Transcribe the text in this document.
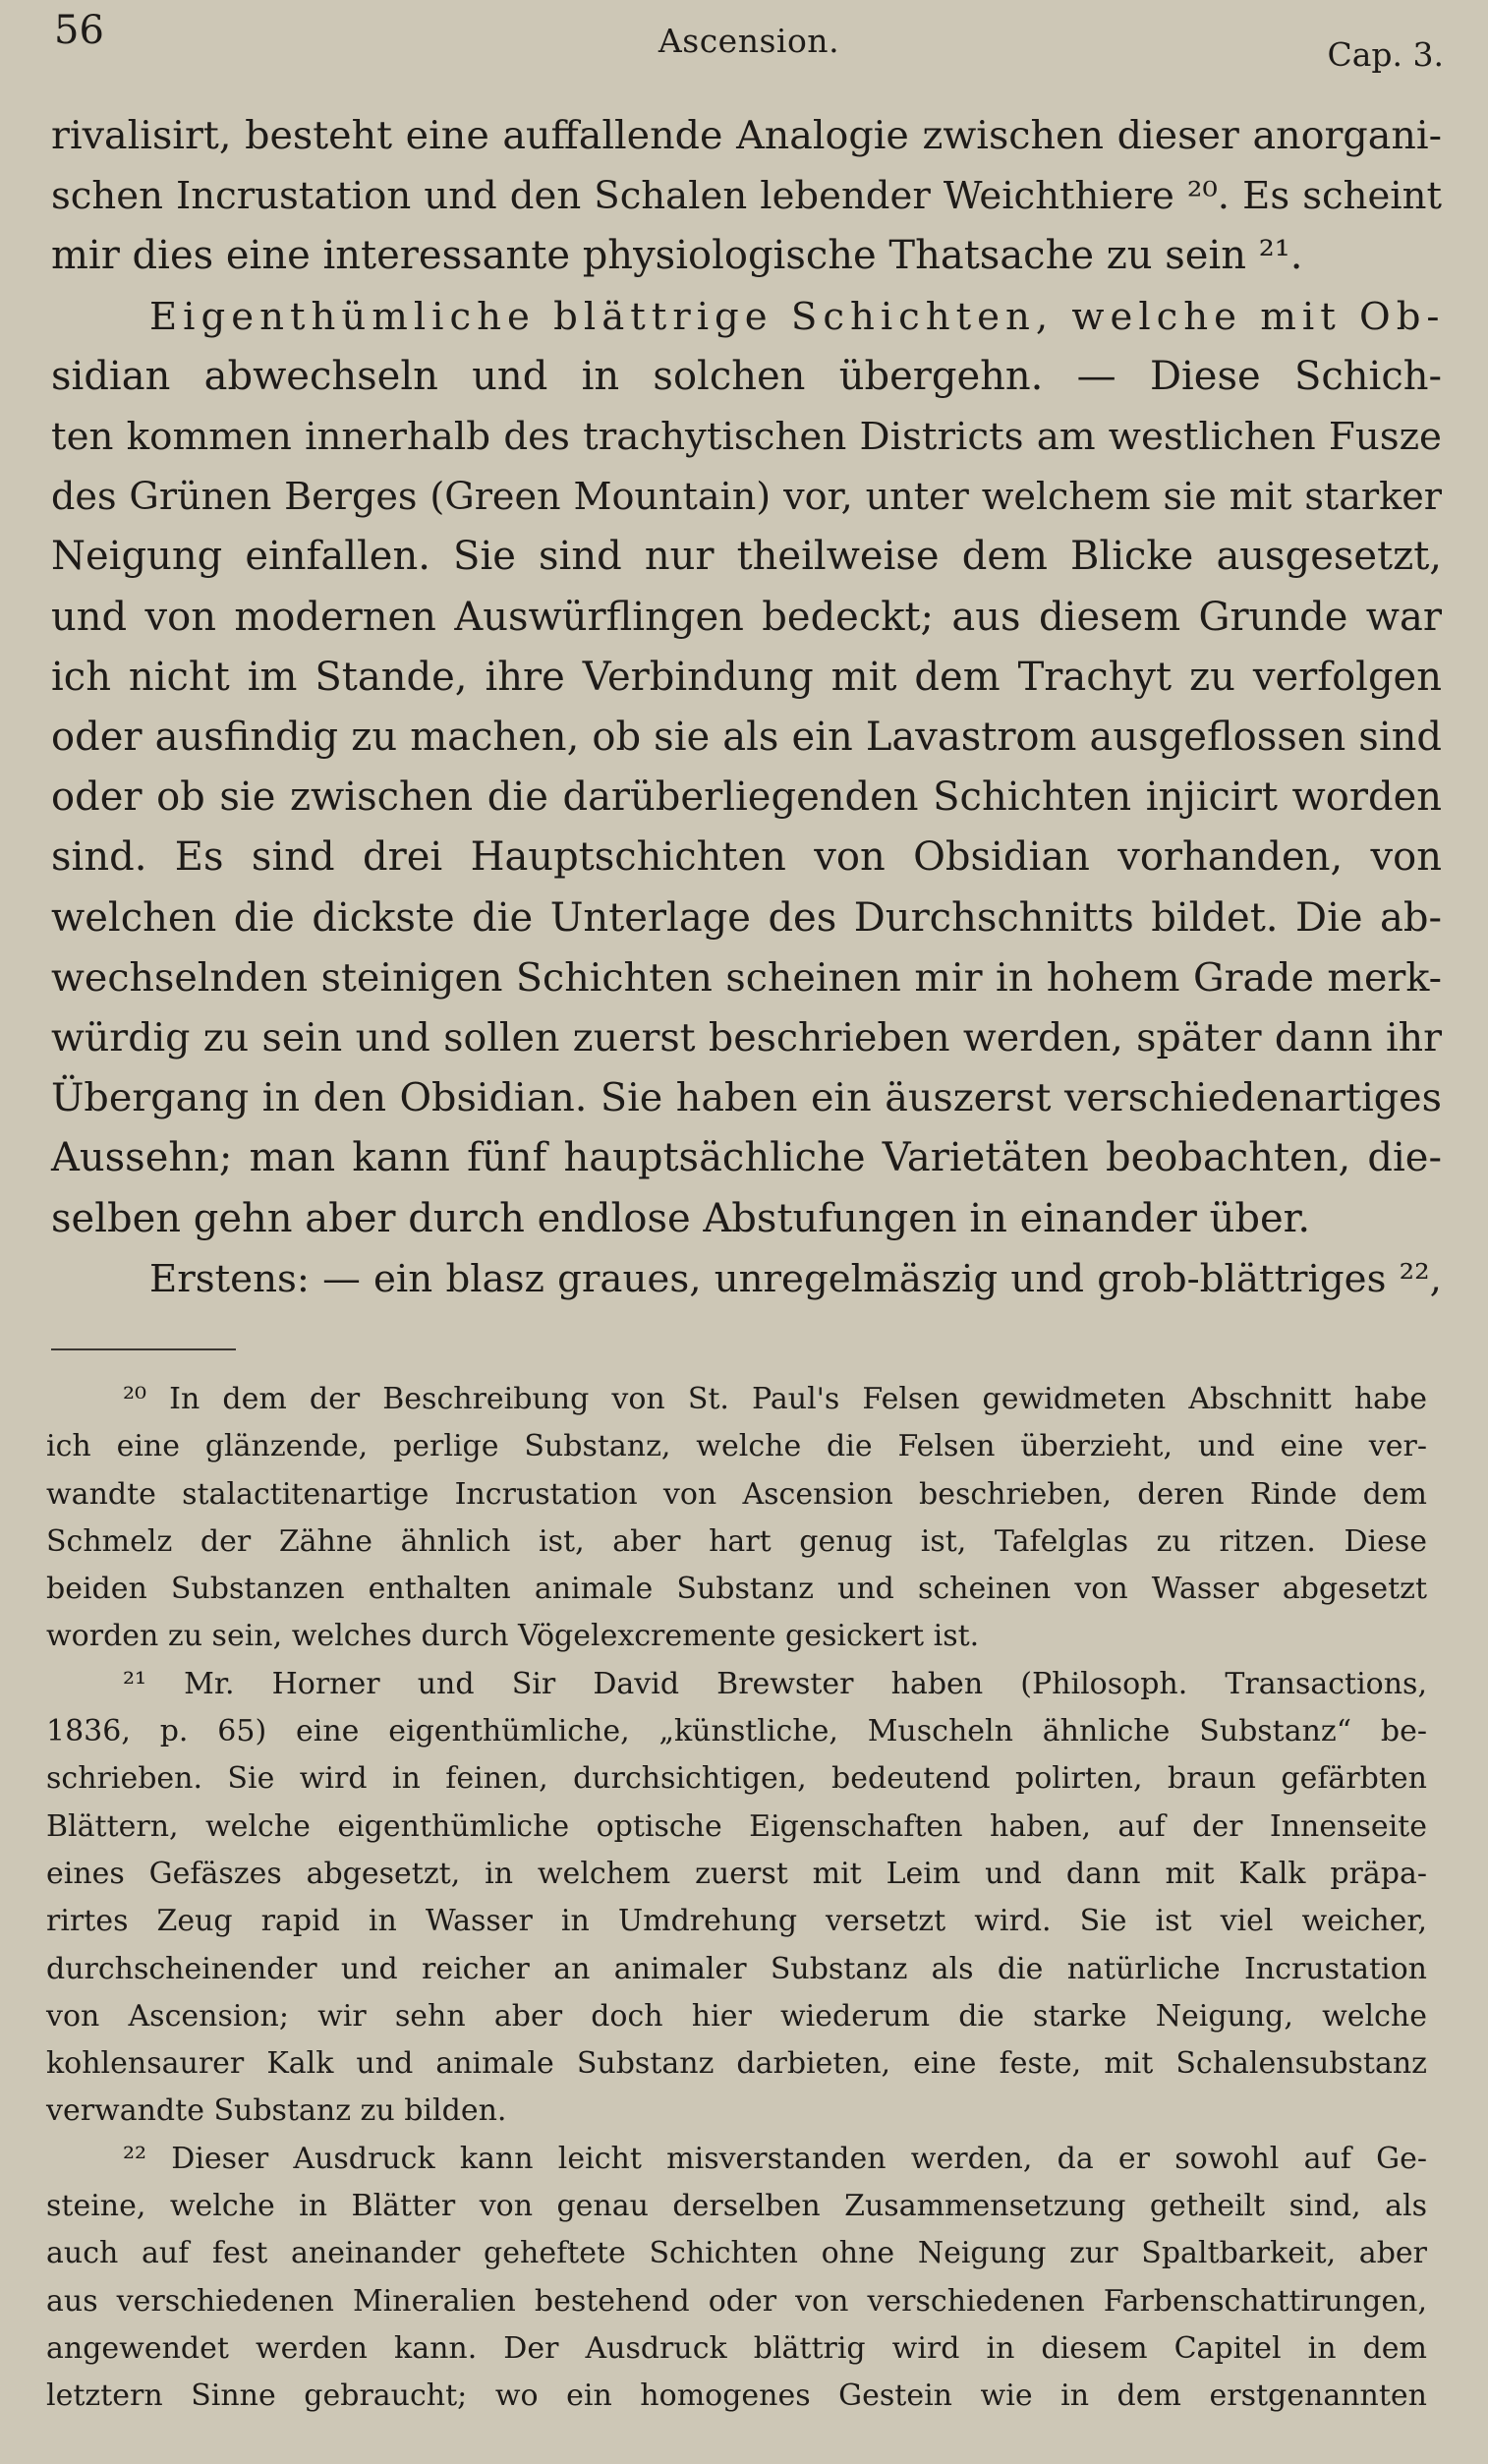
56	Ascension.	Cap. 3.
rivalisirt, besteht eine auffallende Analogie zwischen dieser anorgani-
schen Incrustation und den Schalen lebender Weichthiere ²⁰. Es scheint
mir dies eine interessante physiologische Thatsache zu sein ²¹.
Eigenthümliche blättrige Schichten, welche mit Ob-
sidian abwechseln und in solchen übergehn. — Diese Schich-
ten kommen innerhalb des trachytischen Districts am westlichen Fusze
des Grünen Berges (Green Mountain) vor, unter welchem sie mit starker
Neigung einfallen. Sie sind nur theilweise dem Blicke ausgesetzt,
und von modernen Auswürflingen bedeckt; aus diesem Grunde war
ich nicht im Stande, ihre Verbindung mit dem Trachyt zu verfolgen
oder ausfindig zu machen, ob sie als ein Lavastrom ausgeflossen sind
oder ob sie zwischen die darüberliegenden Schichten injicirt worden
sind. Es sind drei Hauptschichten von Obsidian vorhanden, von
welchen die dickste die Unterlage des Durchschnitts bildet. Die ab-
wechselnden steinigen Schichten scheinen mir in hohem Grade merk-
würdig zu sein und sollen zuerst beschrieben werden, später dann ihr
Übergang in den Obsidian. Sie haben ein äuszerst verschiedenartiges
Aussehn; man kann fünf hauptsächliche Varietäten beobachten, die-
selben gehn aber durch endlose Abstufungen in einander über.
Erstens: — ein blasz graues, unregelmäszig und grob-blättriges ²²,
²⁰ In dem der Beschreibung von St. Paul's Felsen gewidmeten Abschnitt habe
ich eine glänzende, perlige Substanz, welche die Felsen überzieht, und eine ver-
wandte stalactitenartige Incrustation von Ascension beschrieben, deren Rinde dem
Schmelz der Zähne ähnlich ist, aber hart genug ist, Tafelglas zu ritzen. Diese
beiden Substanzen enthalten animale Substanz und scheinen von Wasser abgesetzt
worden zu sein, welches durch Vögelexcremente gesickert ist.
²¹ Mr. Horner und Sir David Brewster haben (Philosoph. Transactions,
1836, p. 65) eine eigenthümliche, „künstliche, Muscheln ähnliche Substanz“ be-
schrieben. Sie wird in feinen, durchsichtigen, bedeutend polirten, braun gefärbten
Blättern, welche eigenthümliche optische Eigenschaften haben, auf der Innenseite
eines Gefäszes abgesetzt, in welchem zuerst mit Leim und dann mit Kalk präpa-
rirtes Zeug rapid in Wasser in Umdrehung versetzt wird. Sie ist viel weicher,
durchscheinender und reicher an animaler Substanz als die natürliche Incrustation
von Ascension; wir sehn aber doch hier wiederum die starke Neigung, welche
kohlensaurer Kalk und animale Substanz darbieten, eine feste, mit Schalensubstanz
verwandte Substanz zu bilden.
²² Dieser Ausdruck kann leicht misverstanden werden, da er sowohl auf Ge-
steine, welche in Blätter von genau derselben Zusammensetzung getheilt sind, als
auch auf fest aneinander geheftete Schichten ohne Neigung zur Spaltbarkeit, aber
aus verschiedenen Mineralien bestehend oder von verschiedenen Farbenschattirungen,
angewendet werden kann. Der Ausdruck blättrig wird in diesem Capitel in dem
letztern Sinne gebraucht; wo ein homogenes Gestein wie in dem erstgenannten
